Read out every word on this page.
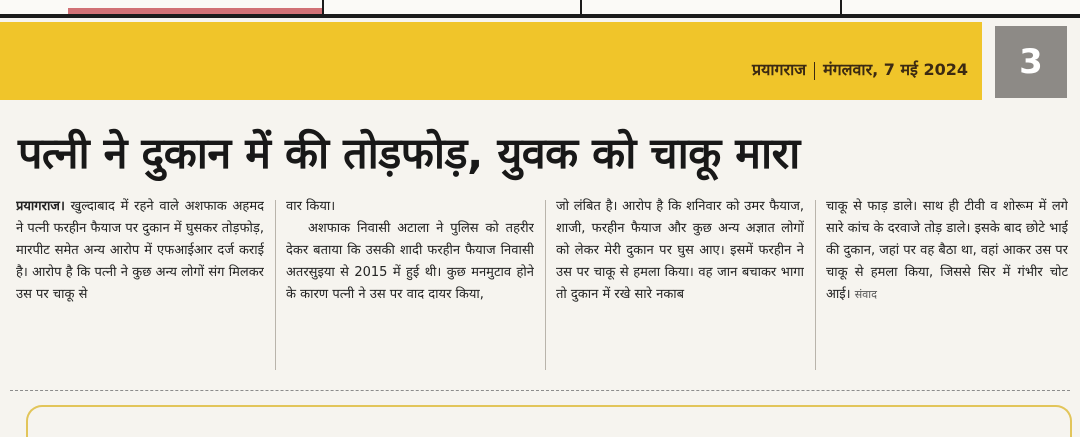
प्रयागराज मंगलवार, 7 मई 2024 3
पत्नी ने दुकान में की तोड़फोड़, युवक को चाकू मारा
प्रयागराज। खुल्दाबाद में रहने वाले अशफाक अहमद ने पत्नी फरहीन फैयाज पर दुकान में घुसकर तोड़फोड़, मारपीट समेत अन्य आरोप में एफआईआर दर्ज कराई है। आरोप है कि पत्नी ने कुछ अन्य लोगों संग मिलकर उस पर चाकू से
वार किया।
अशफाक निवासी अटाला ने पुलिस को तहरीर देकर बताया कि उसकी शादी फरहीन फैयाज निवासी अतरसुइया से 2015 में हुई थी। कुछ मनमुटाव होने के कारण पत्नी ने उस पर वाद दायर किया,
जो लंबित है। आरोप है कि शनिवार को उमर फैयाज, शाजी, फरहीन फैयाज और कुछ अन्य अज्ञात लोगों को लेकर मेरी दुकान पर घुस आए। इसमें फरहीन ने उस पर चाकू से हमला किया। वह जान बचाकर भागा तो दुकान में रखे सारे नकाब
चाकू से फाड़ डाले। साथ ही टीवी व शोरूम में लगे सारे कांच के दरवाजे तोड़ डाले। इसके बाद छोटे भाई की दुकान, जहां पर वह बैठा था, वहां आकर उस पर चाकू से हमला किया, जिससे सिर में गंभीर चोट आई। संवाद
